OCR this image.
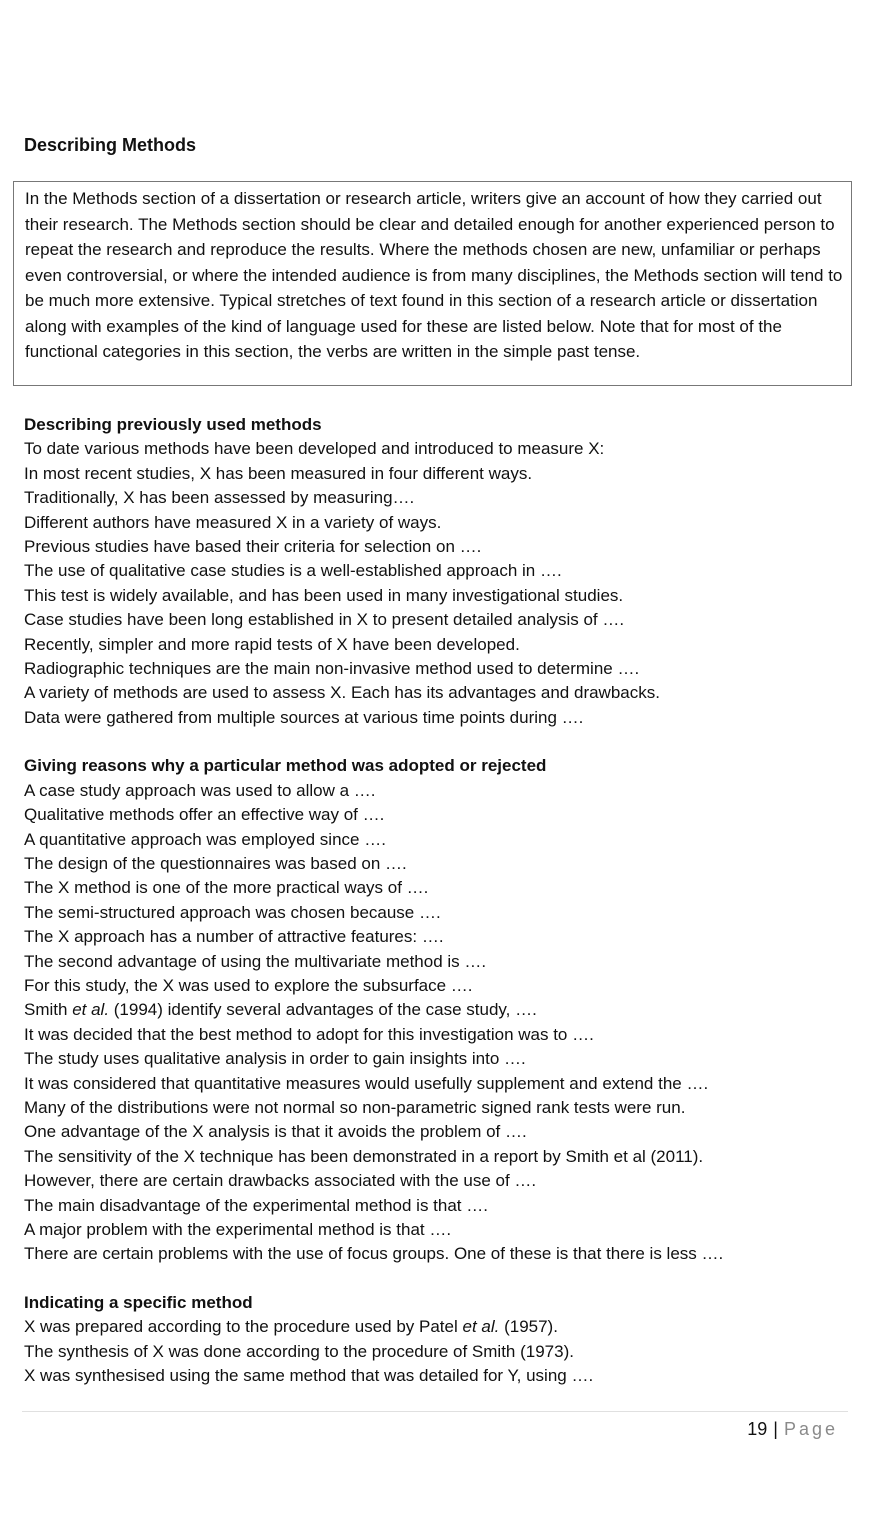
Describing Methods

In the Methods section of a dissertation or research article, writers give an account of how they carried out their research. The Methods section should be clear and detailed enough for another experienced person to repeat the research and reproduce the results. Where the methods chosen are new, unfamiliar or perhaps even controversial, or where the intended audience is from many disciplines, the Methods section will tend to be much more extensive. Typical stretches of text found in this section of a research article or dissertation along with examples of the kind of language used for these are listed below. Note that for most of the functional categories in this section, the verbs are written in the simple past tense.

Describing previously used methods
To date various methods have been developed and introduced to measure X:
In most recent studies, X has been measured in four different ways.
Traditionally, X has been assessed by measuring….
Different authors have measured X in a variety of ways.
Previous studies have based their criteria for selection on ….
The use of qualitative case studies is a well-established approach in ….
This test is widely available, and has been used in many investigational studies.
Case studies have been long established in X to present detailed analysis of ….
Recently, simpler and more rapid tests of X have been developed.
Radiographic techniques are the main non-invasive method used to determine ….
A variety of methods are used to assess X. Each has its advantages and drawbacks.
Data were gathered from multiple sources at various time points during ….
Giving reasons why a particular method was adopted or rejected
A case study approach was used to allow a ….
Qualitative methods offer an effective way of ….
A quantitative approach was employed since ….
The design of the questionnaires was based on ….
The X method is one of the more practical ways of ….
The semi-structured approach was chosen because ….
The X approach has a number of attractive features: ….
The second advantage of using the multivariate method is ….
For this study, the X was used to explore the subsurface ….
Smith et al. (1994) identify several advantages of the case study, ….
It was decided that the best method to adopt for this investigation was to ….
The study uses qualitative analysis in order to gain insights into ….
It was considered that quantitative measures would usefully supplement and extend the ….
Many of the distributions were not normal so non-parametric signed rank tests were run.
One advantage of the X analysis is that it avoids the problem of ….
The sensitivity of the X technique has been demonstrated in a report by Smith et al (2011).
However, there are certain drawbacks associated with the use of ….
The main disadvantage of the experimental method is that ….
A major problem with the experimental method is that ….
There are certain problems with the use of focus groups. One of these is that there is less ….
Indicating a specific method
X was prepared according to the procedure used by Patel et al. (1957).
The synthesis of X was done according to the procedure of Smith (1973).
X was synthesised using the same method that was detailed for Y, using ….
19 | Page
